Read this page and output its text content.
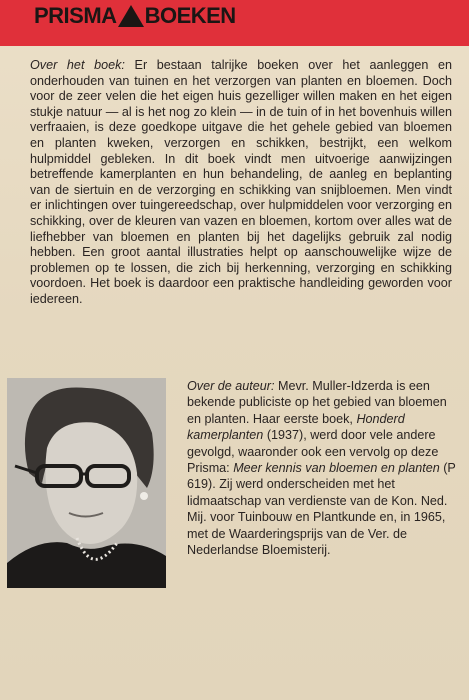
PRISMA BOEKEN
Over het boek: Er bestaan talrijke boeken over het aanleggen en onderhouden van tuinen en het verzorgen van planten en bloemen. Doch voor de zeer velen die het eigen huis gezelliger willen maken en het eigen stukje natuur — al is het nog zo klein — in de tuin of in het bovenhuis willen verfraaien, is deze goedkope uitgave die het gehele gebied van bloemen en planten kweken, verzorgen en schikken, bestrijkt, een welkom hulpmiddel gebleken. In dit boek vindt men uitvoerige aanwijzingen betreffende kamerplanten en hun behandeling, de aanleg en beplanting van de siertuin en de verzorging en schikking van snijbloemen. Men vindt er inlichtingen over tuingereedschap, over hulpmiddelen voor verzorging en schikking, over de kleuren van vazen en bloemen, kortom over alles wat de liefhebber van bloemen en planten bij het dagelijks gebruik zal nodig hebben. Een groot aantal illustraties helpt op aanschouwelijke wijze de problemen op te lossen, die zich bij herkenning, verzorging en schikking voordoen. Het boek is daardoor een praktische handleiding geworden voor iedereen.
Over de auteur: Mevr. Muller-Idzerda is een bekende publiciste op het gebied van bloemen en planten. Haar eerste boek, Honderd kamerplanten (1937), werd door vele andere gevolgd, waaronder ook een vervolg op deze Prisma: Meer kennis van bloemen en planten (P 619). Zij werd onderscheiden met het lidmaatschap van verdienste van de Kon. Ned. Mij. voor Tuinbouw en Plantkunde en, in 1965, met de Waarderingsprijs van de Ver. de Nederlandse Bloemisterij.
